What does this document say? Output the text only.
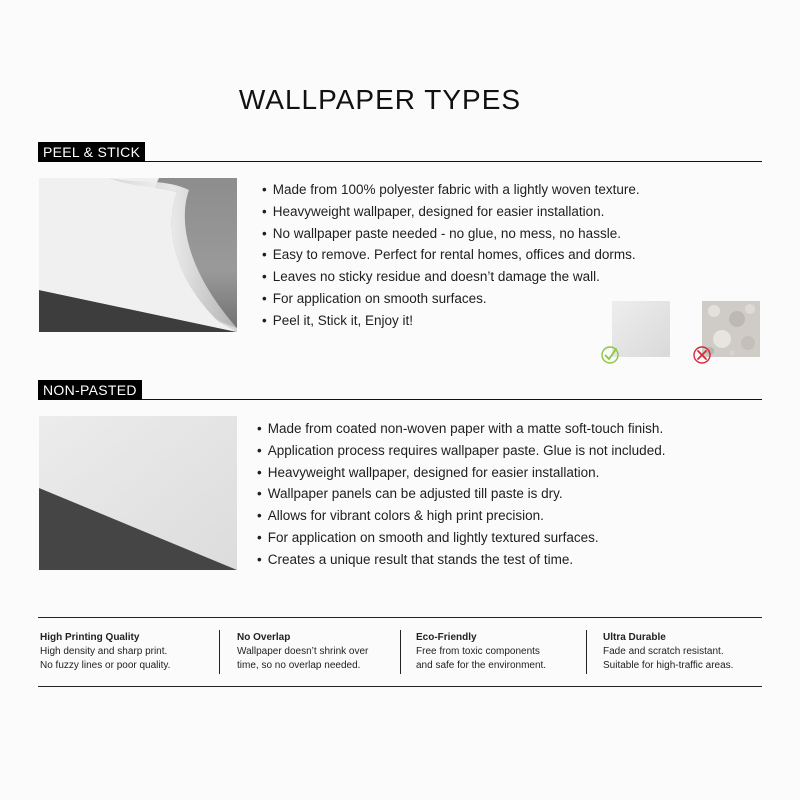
WALLPAPER TYPES
PEEL & STICK
• Made from 100% polyester fabric with a lightly woven texture.
• Heavyweight wallpaper, designed for easier installation.
• No wallpaper paste needed - no glue, no mess, no hassle.
• Easy to remove. Perfect for rental homes, offices and dorms.
• Leaves no sticky residue and doesn’t damage the wall.
• For application on smooth surfaces.
• Peel it, Stick it, Enjoy it!
NON-PASTED
• Made from coated non-woven paper with a matte soft-touch finish.
• Application process requires wallpaper paste. Glue is not included.
• Heavyweight wallpaper, designed for easier installation.
• Wallpaper panels can be adjusted till paste is dry.
• Allows for vibrant colors & high print precision.
• For application on smooth and lightly textured surfaces.
• Creates a unique result that stands the test of time.
High Printing Quality
High density and sharp print.
No fuzzy lines or poor quality.
No Overlap
Wallpaper doesn’t shrink over
time, so no overlap needed.
Eco-Friendly
Free from toxic components
and safe for the environment.
Ultra Durable
Fade and scratch resistant.
Suitable for high-traffic areas.
